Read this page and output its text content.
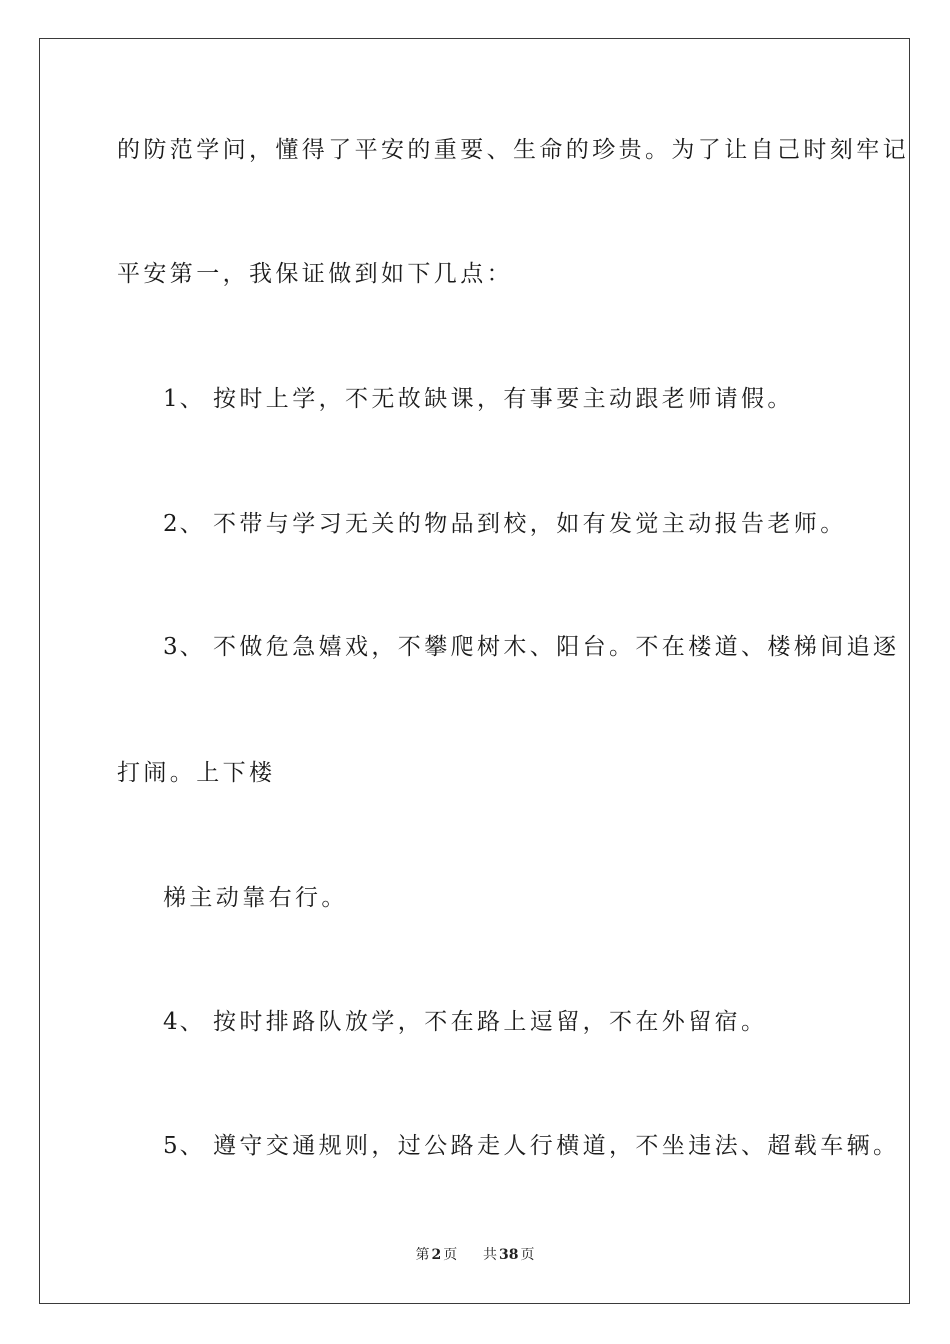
的防范学问，懂得了平安的重要、生命的珍贵。为了让自己时刻牢记
平安第一，我保证做到如下几点：
1、 按时上学，不无故缺课，有事要主动跟老师请假。
2、 不带与学习无关的物品到校，如有发觉主动报告老师。
3、 不做危急嬉戏，不攀爬树木、阳台。不在楼道、楼梯间追逐
打闹。上下楼
梯主动靠右行。
4、 按时排路队放学，不在路上逗留，不在外留宿。
5、 遵守交通规则，过公路走人行横道，不坐违法、超载车辆。
第 2 页 共 38 页
